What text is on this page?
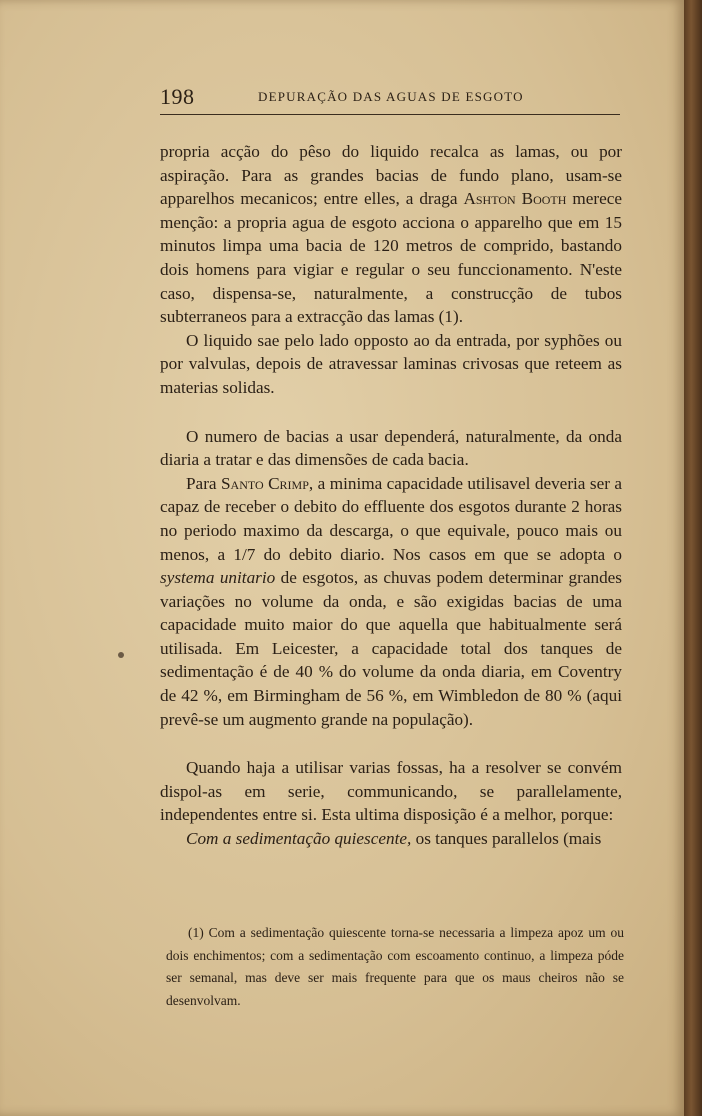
198	DEPURAÇÃO DAS AGUAS DE ESGOTO

propria acção do pêso do liquido recalca as lamas, ou por aspiração. Para as grandes bacias de fundo plano, usam-se apparelhos mecanicos; entre elles, a draga Ashton Booth merece menção: a propria agua de esgoto acciona o apparelho que em 15 minutos limpa uma bacia de 120 metros de comprido, bastando dois homens para vigiar e regular o seu funccionamento. N'este caso, dispensa-se, naturalmente, a construcção de tubos subterraneos para a extracção das lamas (1).

O liquido sae pelo lado opposto ao da entrada, por syphões ou por valvulas, depois de atravessar laminas crivosas que reteem as materias solidas.

O numero de bacias a usar dependerá, naturalmente, da onda diaria a tratar e das dimensões de cada bacia.

Para Santo Crimp, a minima capacidade utilisavel deveria ser a capaz de receber o debito do effluente dos esgotos durante 2 horas no periodo maximo da descarga, o que equivale, pouco mais ou menos, a 1/7 do debito diario. Nos casos em que se adopta o systema unitario de esgotos, as chuvas podem determinar grandes variações no volume da onda, e são exigidas bacias de uma capacidade muito maior do que aquella que habitualmente será utilisada. Em Leicester, a capacidade total dos tanques de sedimentação é de 40 % do volume da onda diaria, em Coventry de 42 %, em Birmingham de 56 %, em Wimbledon de 80 % (aqui prevê-se um augmento grande na população).

Quando haja a utilisar varias fossas, ha a resolver se convém dispol-as em serie, communicando, se parallelamente, independentes entre si. Esta ultima disposição é a melhor, porque:

Com a sedimentação quiescente, os tanques parallelos (mais

(1) Com a sedimentação quiescente torna-se necessaria a limpeza apoz um ou dois enchimentos; com a sedimentação com escoamento continuo, a limpeza póde ser semanal, mas deve ser mais frequente para que os maus cheiros não se desenvolvam.
